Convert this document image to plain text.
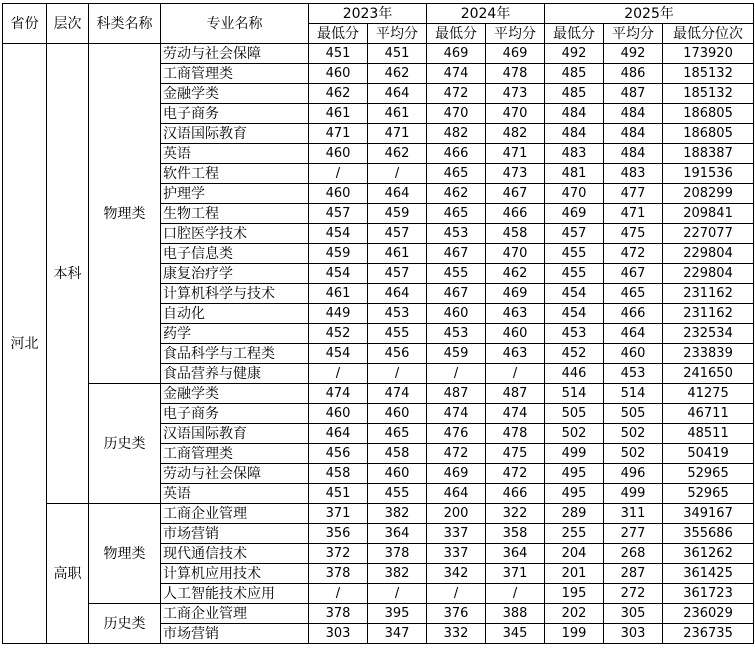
省份	层次	科类名称	专业名称	2023年		2024年		2025年		
				最低分	平均分	最低分	平均分	最低分	平均分	最低分位次
河北	本科	物理类	劳动与社会保障	451	451	469	469	492	492	173920
			工商管理类	460	462	474	478	485	486	185132
			金融学类	462	464	472	473	485	487	185132
			电子商务	461	461	470	470	484	484	186805
			汉语国际教育	471	471	482	482	484	484	186805
			英语	460	462	466	471	483	484	188387
			软件工程	/	/	465	473	481	483	191536
			护理学	460	464	462	467	470	477	208299
			生物工程	457	459	465	466	469	471	209841
			口腔医学技术	454	457	453	458	457	475	227077
			电子信息类	459	461	467	470	455	472	229804
			康复治疗学	454	457	455	462	455	467	229804
			计算机科学与技术	461	464	467	469	454	465	231162
			自动化	449	453	460	463	454	466	231162
			药学	452	455	453	460	453	464	232534
			食品科学与工程类	454	456	459	463	452	460	233839
			食品营养与健康	/	/	/	/	446	453	241650
		历史类	金融学类	474	474	487	487	514	514	41275
			电子商务	460	460	474	474	505	505	46711
			汉语国际教育	464	465	476	478	502	502	48511
			工商管理类	456	458	472	475	499	502	50419
			劳动与社会保障	458	460	469	472	495	496	52965
			英语	451	455	464	466	495	499	52965
	高职	物理类	工商企业管理	371	382	200	322	289	311	349167
			市场营销	356	364	337	358	255	277	355686
			现代通信技术	372	378	337	364	204	268	361262
			计算机应用技术	378	382	342	371	201	287	361425
			人工智能技术应用	/	/	/	/	195	272	361723
		历史类	工商企业管理	378	395	376	388	202	305	236029
			市场营销	303	347	332	345	199	303	236735
